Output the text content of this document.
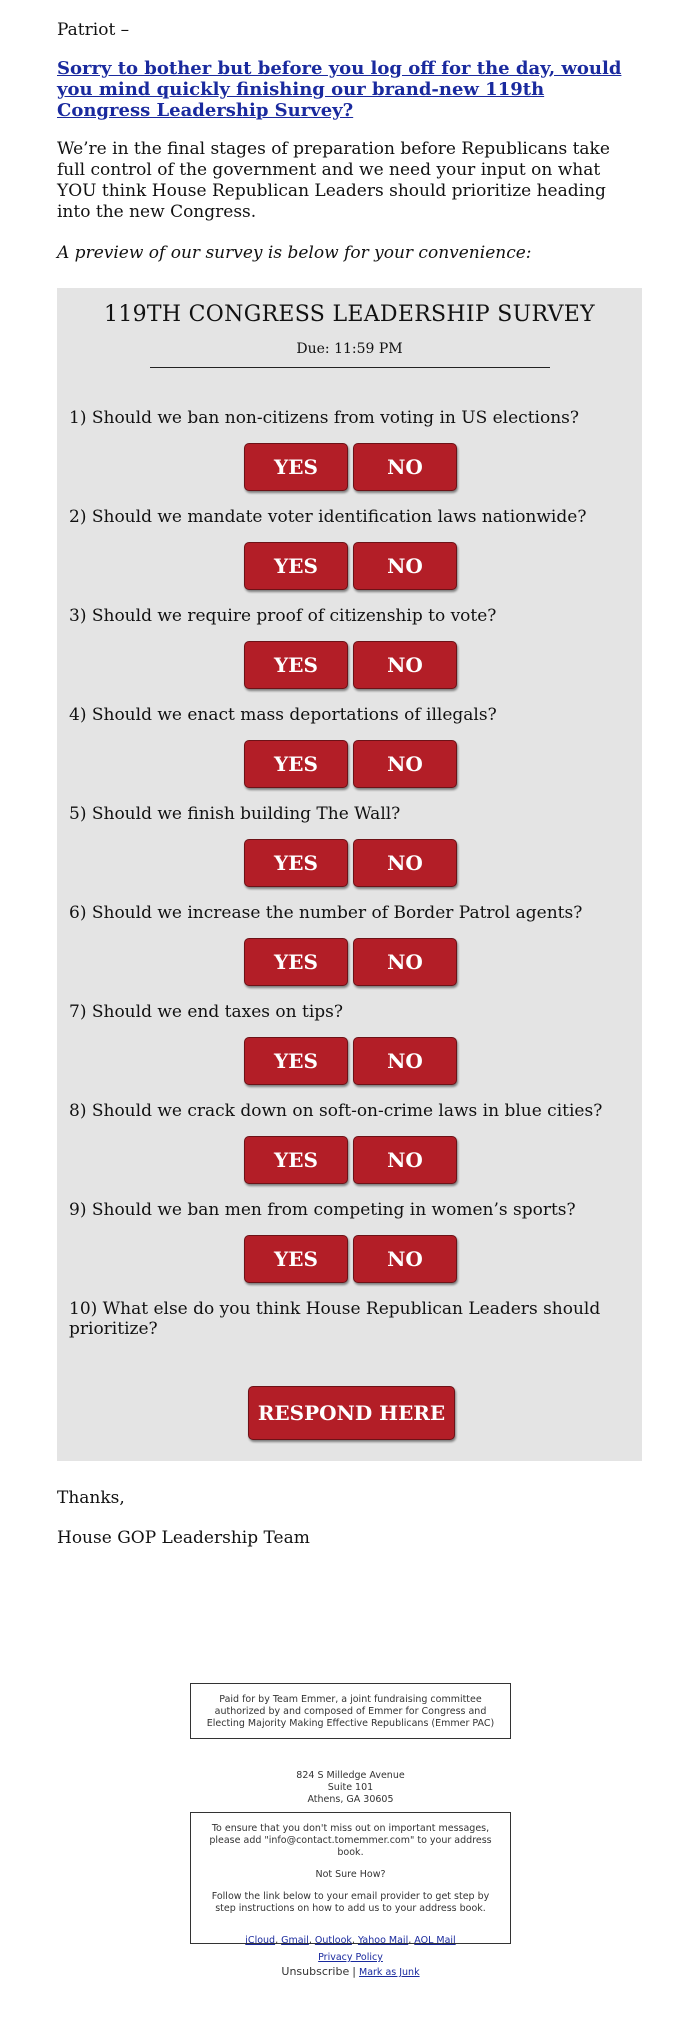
Patriot –

Sorry to bother but before you log off for the day, would you mind quickly finishing our brand-new 119th Congress Leadership Survey?

We’re in the final stages of preparation before Republicans take full control of the government and we need your input on what YOU think House Republican Leaders should prioritize heading into the new Congress.

A preview of our survey is below for your convenience:

119TH CONGRESS LEADERSHIP SURVEY
Due: 11:59 PM
1) Should we ban non-citizens from voting in US elections?
YES	NO
2) Should we mandate voter identification laws nationwide?
YES	NO
3) Should we require proof of citizenship to vote?
YES	NO
4) Should we enact mass deportations of illegals?
YES	NO
5) Should we finish building The Wall?
YES	NO
6) Should we increase the number of Border Patrol agents?
YES	NO
7) Should we end taxes on tips?
YES	NO
8) Should we crack down on soft-on-crime laws in blue cities?
YES	NO
9) Should we ban men from competing in women’s sports?
YES	NO
10) What else do you think House Republican Leaders should prioritize?
RESPOND HERE
Thanks,
House GOP Leadership Team

Paid for by Team Emmer, a joint fundraising committee authorized by and composed of Emmer for Congress and Electing Majority Making Effective Republicans (Emmer PAC)

824 S Milledge Avenue
Suite 101
Athens, GA 30605

To ensure that you don't miss out on important messages, please add "info@contact.tomemmer.com" to your address book.

Not Sure How?

Follow the link below to your email provider to get step by step instructions on how to add us to your address book.

iCloud, Gmail, Outlook, Yahoo Mail, AOL Mail

Privacy Policy
Unsubscribe | Mark as Junk
